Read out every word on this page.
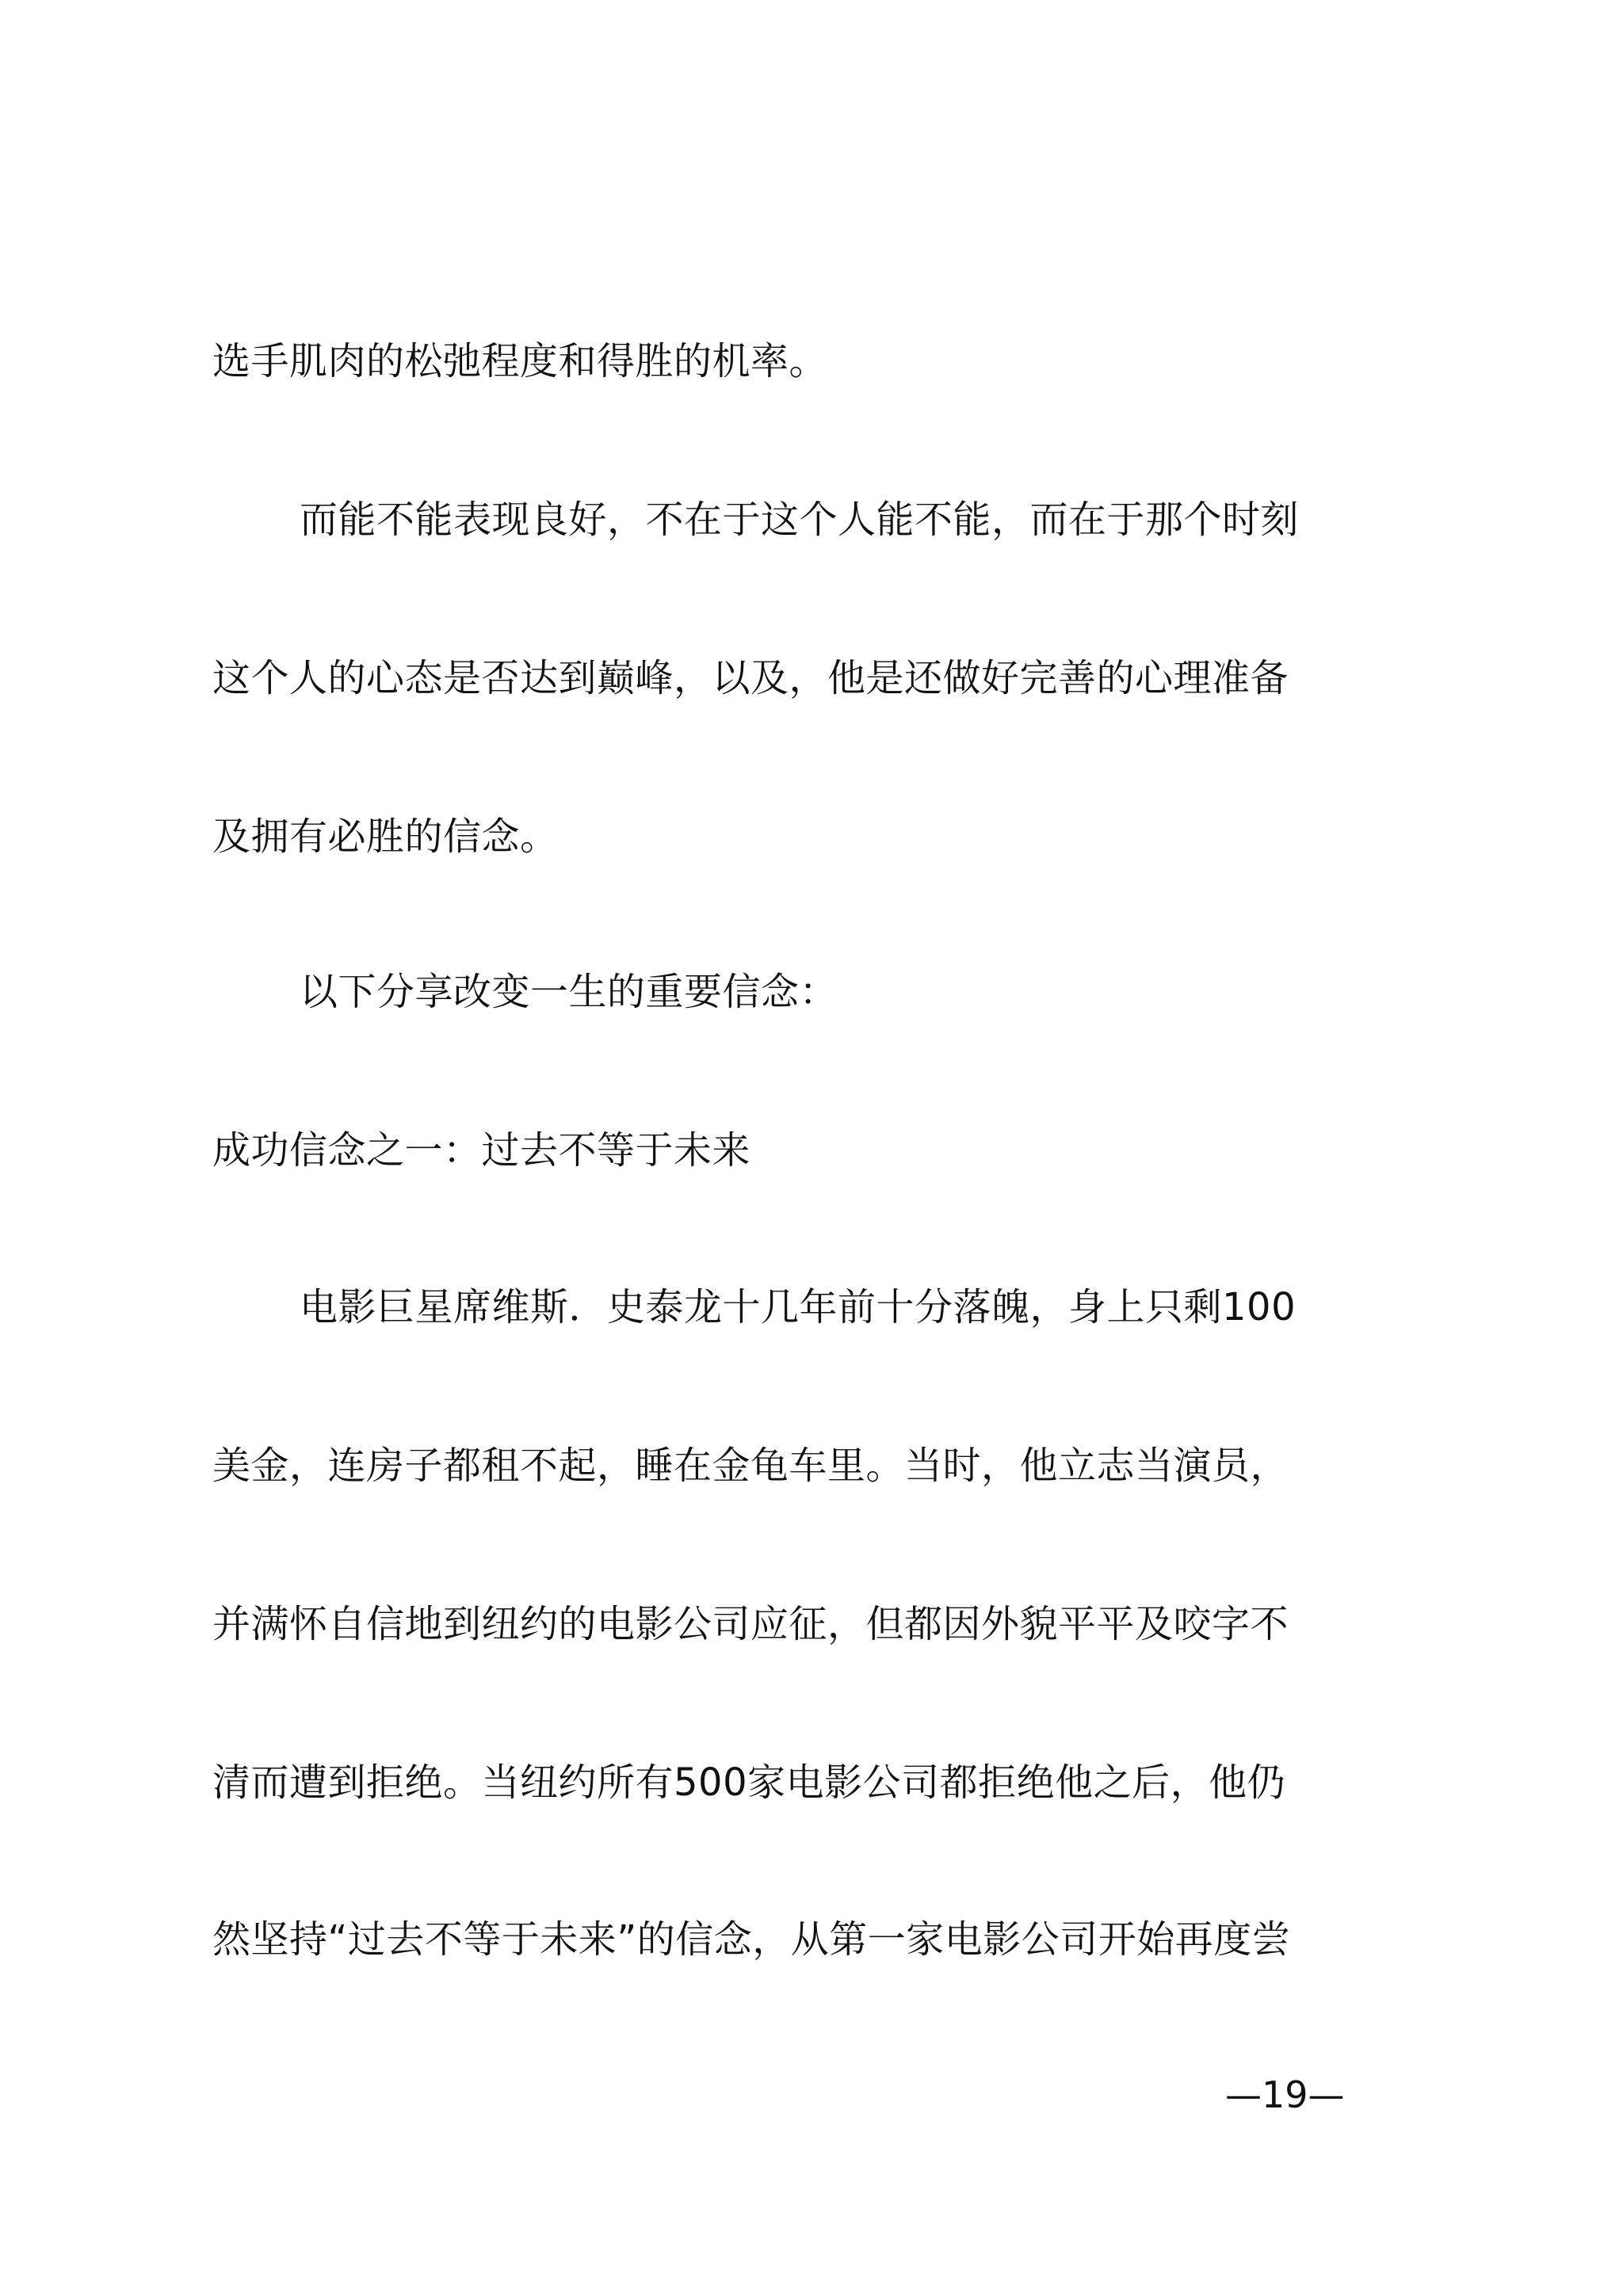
选手肌肉的松弛程度和得胜的机率。
而能不能表现良好，不在于这个人能不能，而在于那个时刻
这个人的心态是否达到巅峰，以及，他是还做好完善的心理准备
及拥有必胜的信念。
以下分享改变一生的重要信念：
成功信念之一：过去不等于未来
电影巨星席维斯．史泰龙十几年前十分落魄，身上只剩100
美金，连房子都租不起，睡在金龟车里。当时，他立志当演员，
并满怀自信地到纽约的电影公司应征，但都因外貌平平及咬字不
清而遭到拒绝。当纽约所有500家电影公司都拒绝他之后，他仍
然坚持“过去不等于未来”的信念，从第一家电影公司开始再度尝
—19—
